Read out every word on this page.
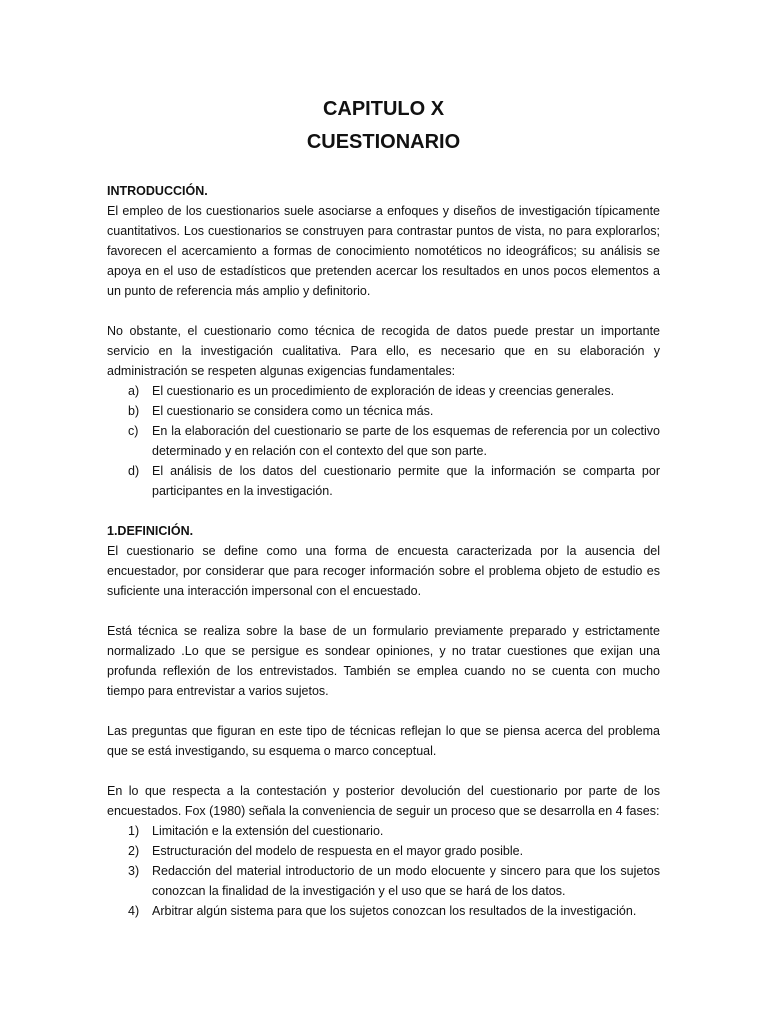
CAPITULO X
CUESTIONARIO
INTRODUCCIÓN.

El empleo de los cuestionarios suele asociarse a enfoques y diseños de investigación típicamente cuantitativos. Los cuestionarios se construyen para contrastar puntos de vista, no para explorarlos; favorecen el acercamiento a formas de conocimiento nomotéticos no ideográficos; su análisis se apoya en el uso de estadísticos que pretenden acercar los resultados en unos pocos elementos a un punto de referencia más amplio y definitorio.

No obstante, el cuestionario como técnica de recogida de datos puede prestar un importante servicio en la investigación cualitativa. Para ello, es necesario que en su elaboración y administración se respeten algunas exigencias fundamentales:

a) El cuestionario es un procedimiento de exploración de ideas y creencias generales.
b) El cuestionario se considera como un técnica más.
c) En la elaboración del cuestionario se parte de los esquemas de referencia por un colectivo determinado y en relación con el contexto del que son parte.
d) El análisis de los datos del cuestionario permite que la información se comparta por participantes en la investigación.
1.DEFINICIÓN.

El cuestionario se define como una forma de encuesta caracterizada por la ausencia del encuestador, por considerar que para recoger información sobre el problema objeto de estudio es suficiente una interacción impersonal con el encuestado.

Está técnica se realiza sobre la base de un formulario previamente preparado y estrictamente normalizado .Lo que se persigue es sondear opiniones, y no tratar cuestiones que exijan una profunda reflexión de los entrevistados. También se emplea cuando no se cuenta con mucho tiempo para entrevistar a varios sujetos.

Las preguntas que figuran en este tipo de técnicas reflejan lo que se piensa acerca del problema que se está investigando, su esquema o marco conceptual.

En lo que respecta a la contestación y posterior devolución del cuestionario por parte de los encuestados. Fox (1980) señala la conveniencia de seguir un proceso que se desarrolla en 4 fases:

1) Limitación e la extensión del cuestionario.
2) Estructuración del modelo de respuesta en el mayor grado posible.
3) Redacción del material introductorio de un modo elocuente y sincero para que los sujetos conozcan la finalidad de la investigación y el uso que se hará de los datos.
4) Arbitrar algún sistema para que los sujetos conozcan los resultados de la investigación.
